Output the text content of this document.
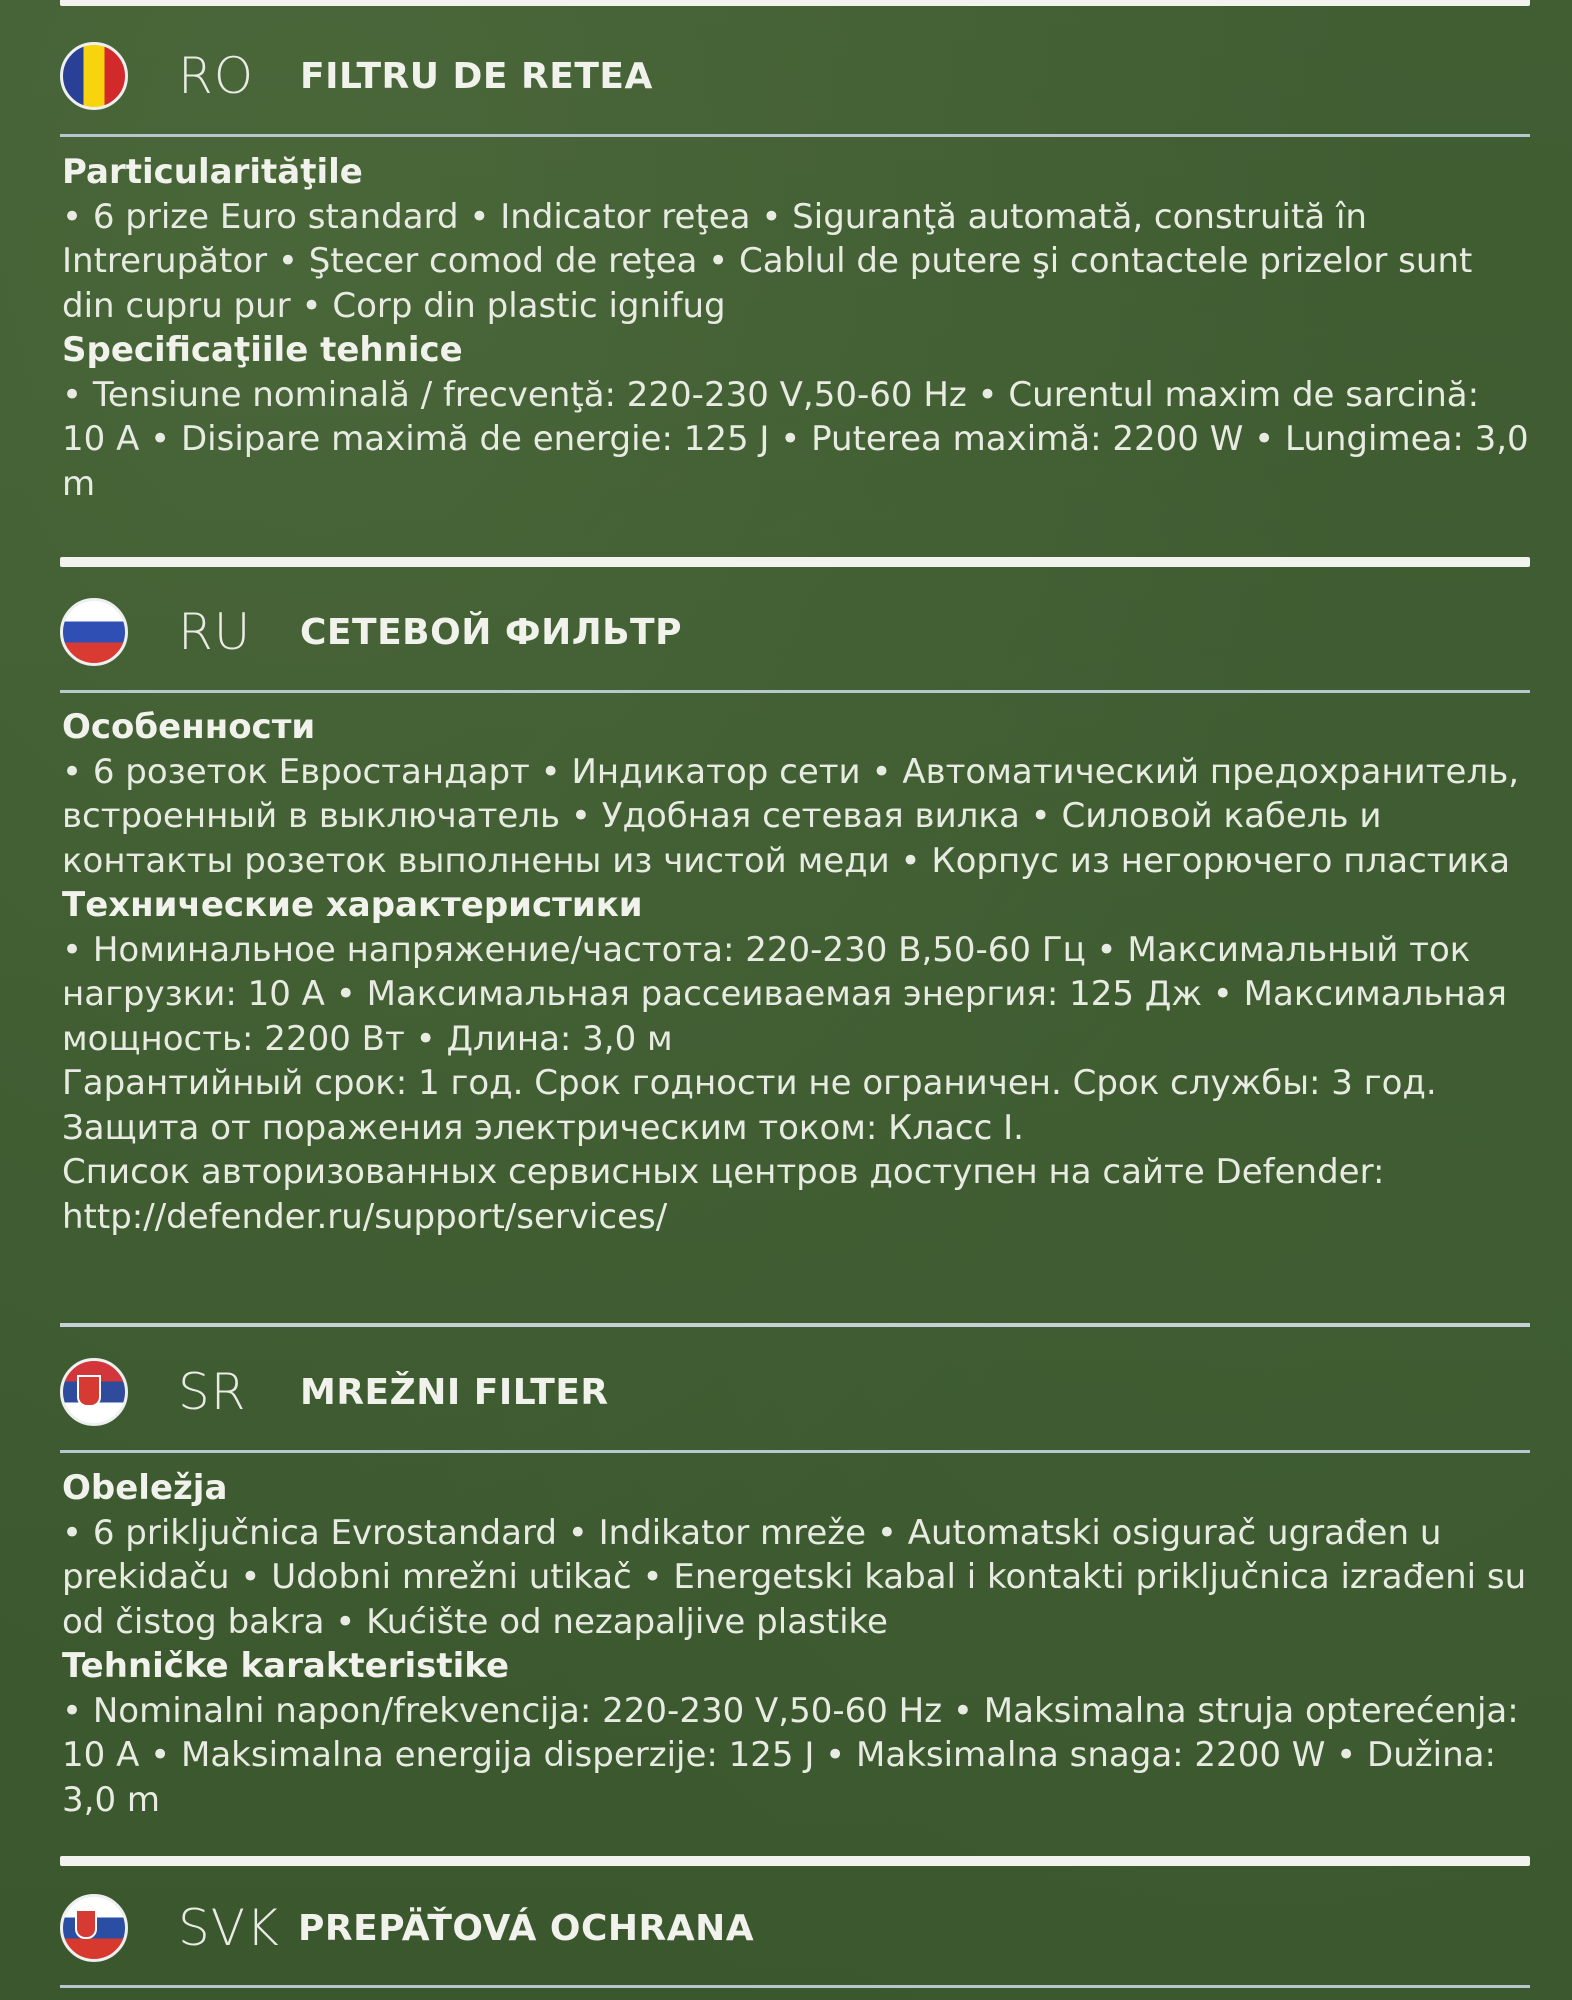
RO	FILTRU DE RETEA

Particularităţile

• 6 prize Euro standard • Indicator reţea • Siguranţă automată, construită în Intrerupător • Ştecer comod de reţea • Cablul de putere şi contactele prizelor sunt din cupru pur • Corp din plastic ignifug

Specificaţiile tehnice

• Tensiune nominală / frecvenţă: 220-230 V,50-60 Hz • Curentul maxim de sarcină: 10 A • Disipare maximă de energie: 125 J • Puterea maximă: 2200 W • Lungimea: 3,0 m

RU	СЕТЕВОЙ ФИЛЬТР

Особенности

• 6 розеток Евростандарт • Индикатор сети • Автоматический предохранитель, встроенный в выключатель • Удобная сетевая вилка • Силовой кабель и контакты розеток выполнены из чистой меди • Корпус из негорючего пластика

Технические характеристики

• Номинальное напряжение/частота: 220-230 В,50-60 Гц • Максимальный ток нагрузки: 10 А • Максимальная рассеиваемая энергия: 125 Дж • Максимальная мощность: 2200 Вт • Длина: 3,0 м

Гарантийный срок: 1 год. Срок годности не ограничен. Срок службы: 3 год.

Защита от поражения электрическим током: Класс I.

Список авторизованных сервисных центров доступен на сайте Defender:

http://defender.ru/support/services/

SR	MREŽNI FILTER

Obeležja

• 6 priključnica Evrostandard • Indikator mreže • Automatski osigurač ugrađen u prekidaču • Udobni mrežni utikač • Energetski kabal i kontakti priključnica izrađeni su od čistog bakra • Kućište od nezapaljive plastike

Tehničke karakteristike

• Nominalni napon/frekvencija: 220-230 V,50-60 Hz • Maksimalna struja opterećenja: 10 A • Maksimalna energija disperzije: 125 J • Maksimalna snaga: 2200 W • Dužina: 3,0 m

SVK PREPÄŤOVÁ OCHRANA
